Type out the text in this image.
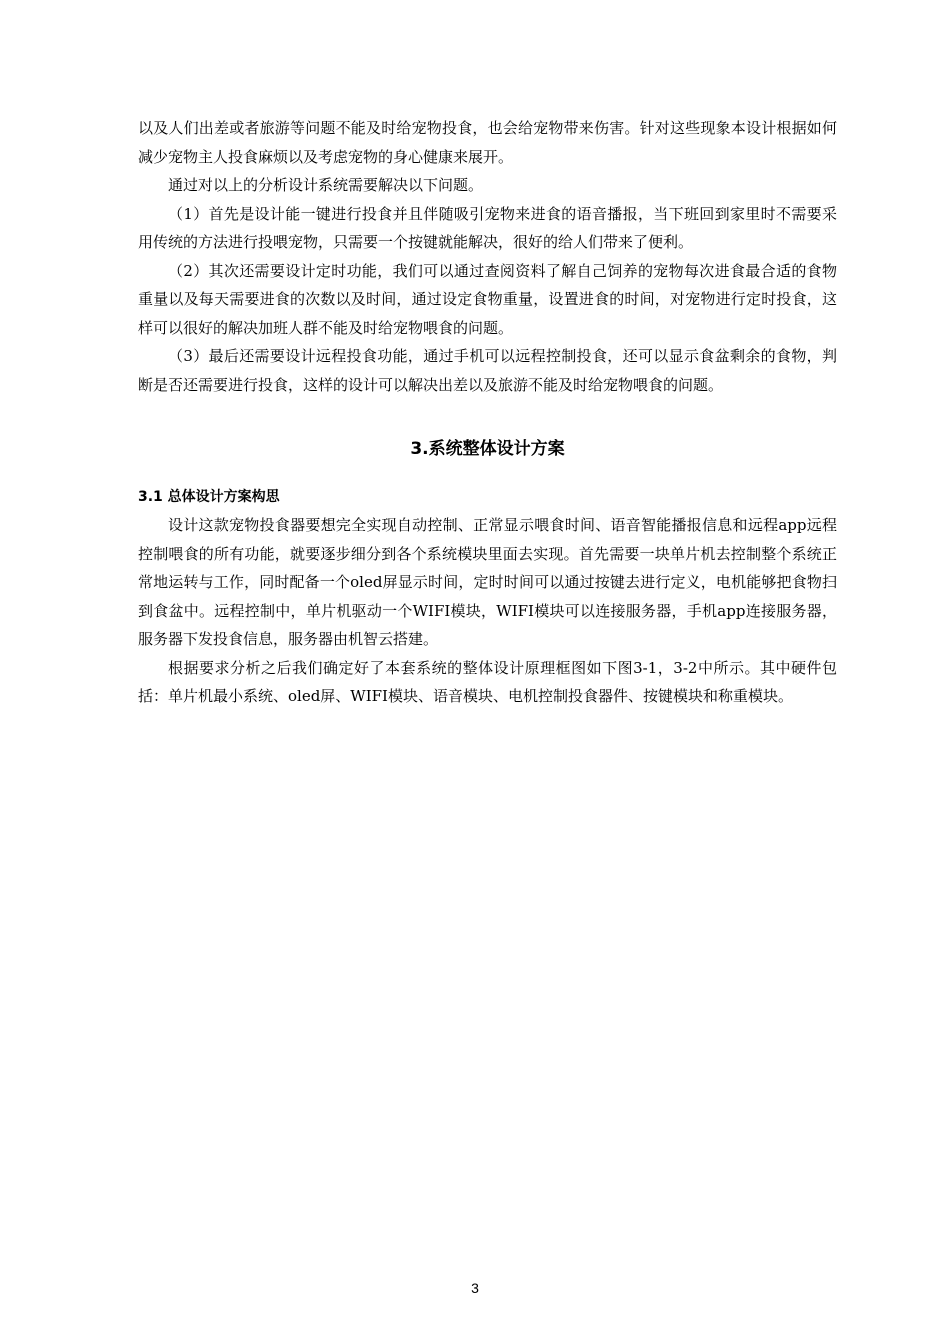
以及人们出差或者旅游等问题不能及时给宠物投食，也会给宠物带来伤害。针对这些现象本设计根据如何减少宠物主人投食麻烦以及考虑宠物的身心健康来展开。

通过对以上的分析设计系统需要解决以下问题。

（1）首先是设计能一键进行投食并且伴随吸引宠物来进食的语音播报，当下班回到家里时不需要采用传统的方法进行投喂宠物，只需要一个按键就能解决，很好的给人们带来了便利。

（2）其次还需要设计定时功能，我们可以通过查阅资料了解自己饲养的宠物每次进食最合适的食物重量以及每天需要进食的次数以及时间，通过设定食物重量，设置进食的时间，对宠物进行定时投食，这样可以很好的解决加班人群不能及时给宠物喂食的问题。

（3）最后还需要设计远程投食功能，通过手机可以远程控制投食，还可以显示食盆剩余的食物，判断是否还需要进行投食，这样的设计可以解决出差以及旅游不能及时给宠物喂食的问题。

3.系统整体设计方案
3.1 总体设计方案构思

设计这款宠物投食器要想完全实现自动控制、正常显示喂食时间、语音智能播报信息和远程app远程控制喂食的所有功能，就要逐步细分到各个系统模块里面去实现。首先需要一块单片机去控制整个系统正常地运转与工作，同时配备一个oled屏显示时间，定时时间可以通过按键去进行定义，电机能够把食物扫到食盆中。远程控制中，单片机驱动一个WIFI模块，WIFI模块可以连接服务器，手机app连接服务器，服务器下发投食信息，服务器由机智云搭建。

根据要求分析之后我们确定好了本套系统的整体设计原理框图如下图3-1，3-2中所示。其中硬件包括：单片机最小系统、oled屏、WIFI模块、语音模块、电机控制投食器件、按键模块和称重模块。

3
